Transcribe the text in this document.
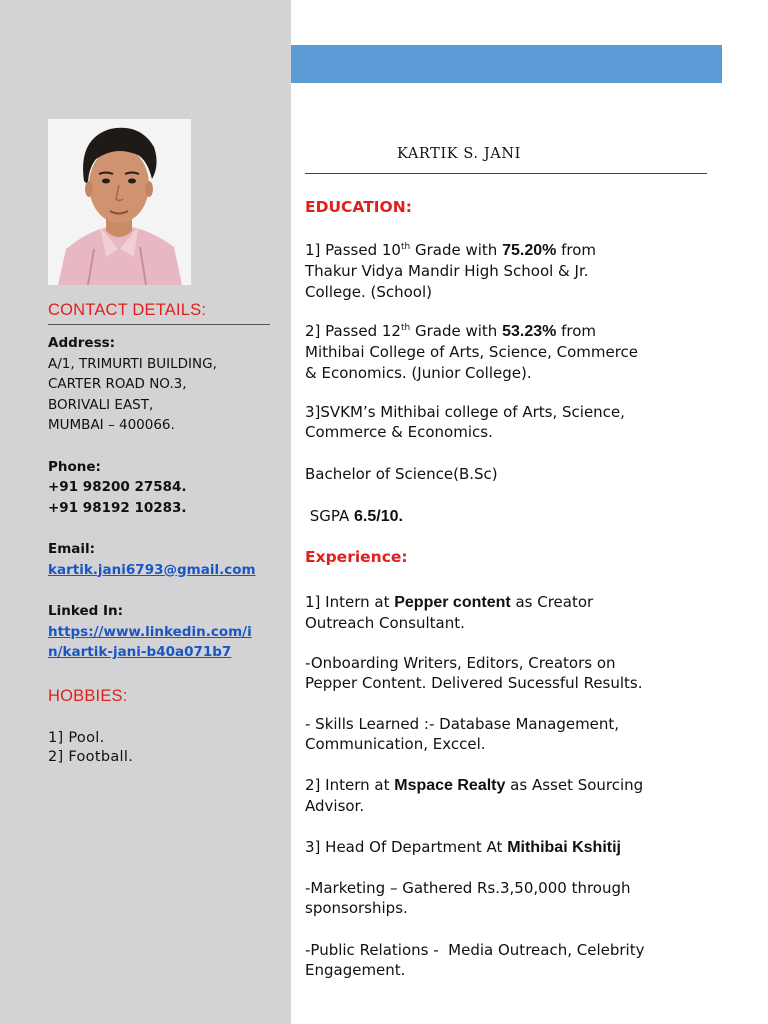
CONTACT DETAILS:
Address:
A/1, TRIMURTI BUILDING,
CARTER ROAD NO.3,
BORIVALI EAST,
MUMBAI – 400066.
Phone:
+91 98200 27584.
+91 98192 10283.
Email:
kartik.jani6793@gmail.com
Linked In:
https://www.linkedin.com/i
n/kartik-jani-b40a071b7
HOBBIES:
1] Pool.
2] Football.
KARTIK S. JANI
EDUCATION:
1] Passed 10th Grade with 75.20% from
Thakur Vidya Mandir High School & Jr.
College. (School)
2] Passed 12th Grade with 53.23% from
Mithibai College of Arts, Science, Commerce
& Economics. (Junior College).
3]SVKM’s Mithibai college of Arts, Science,
Commerce & Economics.
Bachelor of Science(B.Sc)
SGPA 6.5/10.
Experience:
1] Intern at Pepper content as Creator
Outreach Consultant.
-Onboarding Writers, Editors, Creators on
Pepper Content. Delivered Sucessful Results.
- Skills Learned :- Database Management,
Communication, Exccel.
2] Intern at Mspace Realty as Asset Sourcing
Advisor.
3] Head Of Department At Mithibai Kshitij
-Marketing – Gathered Rs.3,50,000 through
sponsorships.
-Public Relations -  Media Outreach, Celebrity
Engagement.
